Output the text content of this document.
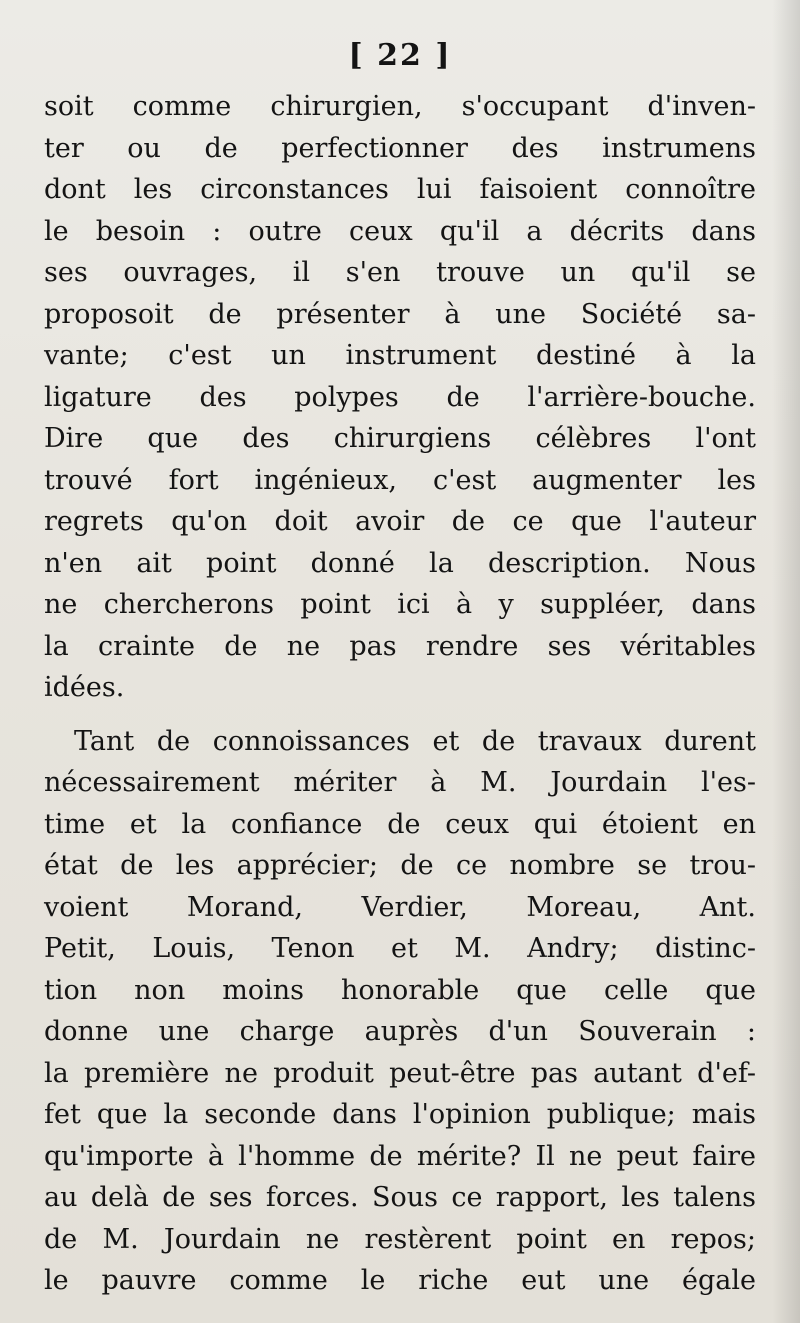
[ 22 ]
soit comme chirurgien, s'occupant d'inven-
ter ou de perfectionner des instrumens
dont les circonstances lui faisoient connoître
le besoin : outre ceux qu'il a décrits dans
ses ouvrages, il s'en trouve un qu'il se
proposoit de présenter à une Société sa-
vante; c'est un instrument destiné à la
ligature des polypes de l'arrière-bouche.
Dire que des chirurgiens célèbres l'ont
trouvé fort ingénieux, c'est augmenter les
regrets qu'on doit avoir de ce que l'auteur
n'en ait point donné la description. Nous
ne chercherons point ici à y suppléer, dans
la crainte de ne pas rendre ses véritables
idées.
Tant de connoissances et de travaux durent
nécessairement mériter à M. Jourdain l'es-
time et la confiance de ceux qui étoient en
état de les apprécier; de ce nombre se trou-
voient Morand, Verdier, Moreau, Ant.
Petit, Louis, Tenon et M. Andry; distinc-
tion non moins honorable que celle que
donne une charge auprès d'un Souverain :
la première ne produit peut-être pas autant d'ef-
fet que la seconde dans l'opinion publique; mais
qu'importe à l'homme de mérite? Il ne peut faire
au delà de ses forces. Sous ce rapport, les talens
de M. Jourdain ne restèrent point en repos;
le pauvre comme le riche eut une égale
